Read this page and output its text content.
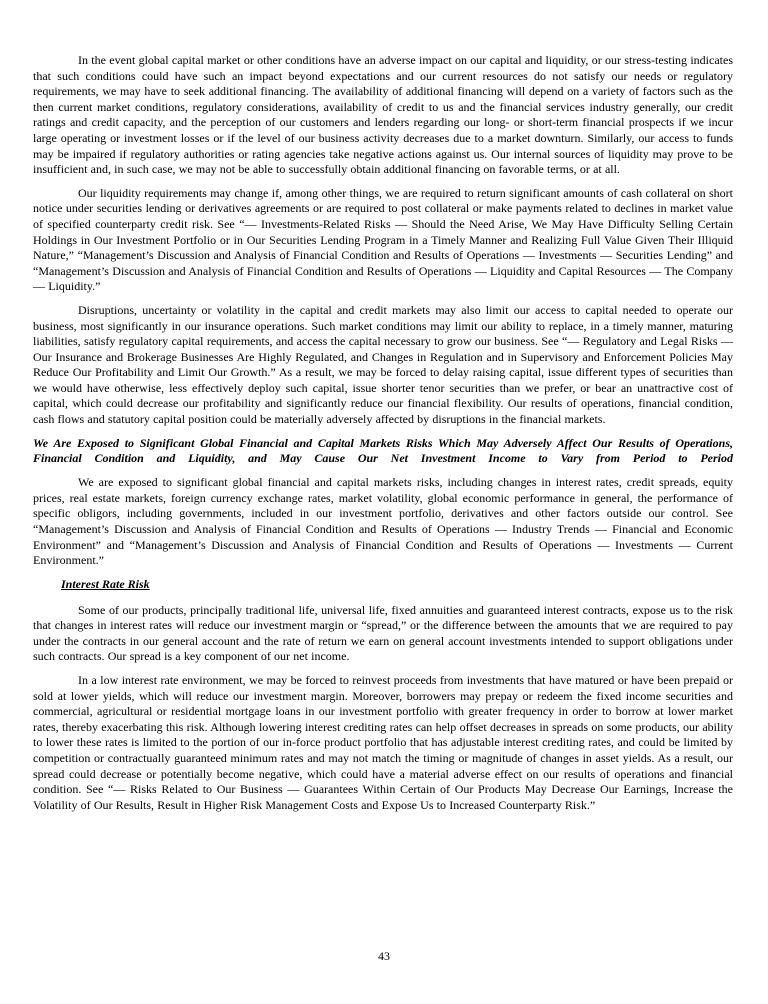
In the event global capital market or other conditions have an adverse impact on our capital and liquidity, or our stress-testing indicates that such conditions could have such an impact beyond expectations and our current resources do not satisfy our needs or regulatory requirements, we may have to seek additional financing. The availability of additional financing will depend on a variety of factors such as the then current market conditions, regulatory considerations, availability of credit to us and the financial services industry generally, our credit ratings and credit capacity, and the perception of our customers and lenders regarding our long- or short-term financial prospects if we incur large operating or investment losses or if the level of our business activity decreases due to a market downturn. Similarly, our access to funds may be impaired if regulatory authorities or rating agencies take negative actions against us. Our internal sources of liquidity may prove to be insufficient and, in such case, we may not be able to successfully obtain additional financing on favorable terms, or at all.

Our liquidity requirements may change if, among other things, we are required to return significant amounts of cash collateral on short notice under securities lending or derivatives agreements or are required to post collateral or make payments related to declines in market value of specified counterparty credit risk. See “— Investments-Related Risks — Should the Need Arise, We May Have Difficulty Selling Certain Holdings in Our Investment Portfolio or in Our Securities Lending Program in a Timely Manner and Realizing Full Value Given Their Illiquid Nature,” “Management’s Discussion and Analysis of Financial Condition and Results of Operations — Investments — Securities Lending” and “Management’s Discussion and Analysis of Financial Condition and Results of Operations — Liquidity and Capital Resources — The Company — Liquidity.”

Disruptions, uncertainty or volatility in the capital and credit markets may also limit our access to capital needed to operate our business, most significantly in our insurance operations. Such market conditions may limit our ability to replace, in a timely manner, maturing liabilities, satisfy regulatory capital requirements, and access the capital necessary to grow our business. See “— Regulatory and Legal Risks — Our Insurance and Brokerage Businesses Are Highly Regulated, and Changes in Regulation and in Supervisory and Enforcement Policies May Reduce Our Profitability and Limit Our Growth.” As a result, we may be forced to delay raising capital, issue different types of securities than we would have otherwise, less effectively deploy such capital, issue shorter tenor securities than we prefer, or bear an unattractive cost of capital, which could decrease our profitability and significantly reduce our financial flexibility. Our results of operations, financial condition, cash flows and statutory capital position could be materially adversely affected by disruptions in the financial markets.

We Are Exposed to Significant Global Financial and Capital Markets Risks Which May Adversely Affect Our Results of Operations, Financial Condition and Liquidity, and May Cause Our Net Investment Income to Vary from Period to Period

We are exposed to significant global financial and capital markets risks, including changes in interest rates, credit spreads, equity prices, real estate markets, foreign currency exchange rates, market volatility, global economic performance in general, the performance of specific obligors, including governments, included in our investment portfolio, derivatives and other factors outside our control. See “Management’s Discussion and Analysis of Financial Condition and Results of Operations — Industry Trends — Financial and Economic Environment” and “Management’s Discussion and Analysis of Financial Condition and Results of Operations — Investments — Current Environment.”

Interest Rate Risk

Some of our products, principally traditional life, universal life, fixed annuities and guaranteed interest contracts, expose us to the risk that changes in interest rates will reduce our investment margin or “spread,” or the difference between the amounts that we are required to pay under the contracts in our general account and the rate of return we earn on general account investments intended to support obligations under such contracts. Our spread is a key component of our net income.

In a low interest rate environment, we may be forced to reinvest proceeds from investments that have matured or have been prepaid or sold at lower yields, which will reduce our investment margin. Moreover, borrowers may prepay or redeem the fixed income securities and commercial, agricultural or residential mortgage loans in our investment portfolio with greater frequency in order to borrow at lower market rates, thereby exacerbating this risk. Although lowering interest crediting rates can help offset decreases in spreads on some products, our ability to lower these rates is limited to the portion of our in-force product portfolio that has adjustable interest crediting rates, and could be limited by competition or contractually guaranteed minimum rates and may not match the timing or magnitude of changes in asset yields. As a result, our spread could decrease or potentially become negative, which could have a material adverse effect on our results of operations and financial condition. See “— Risks Related to Our Business — Guarantees Within Certain of Our Products May Decrease Our Earnings, Increase the Volatility of Our Results, Result in Higher Risk Management Costs and Expose Us to Increased Counterparty Risk.”

43
